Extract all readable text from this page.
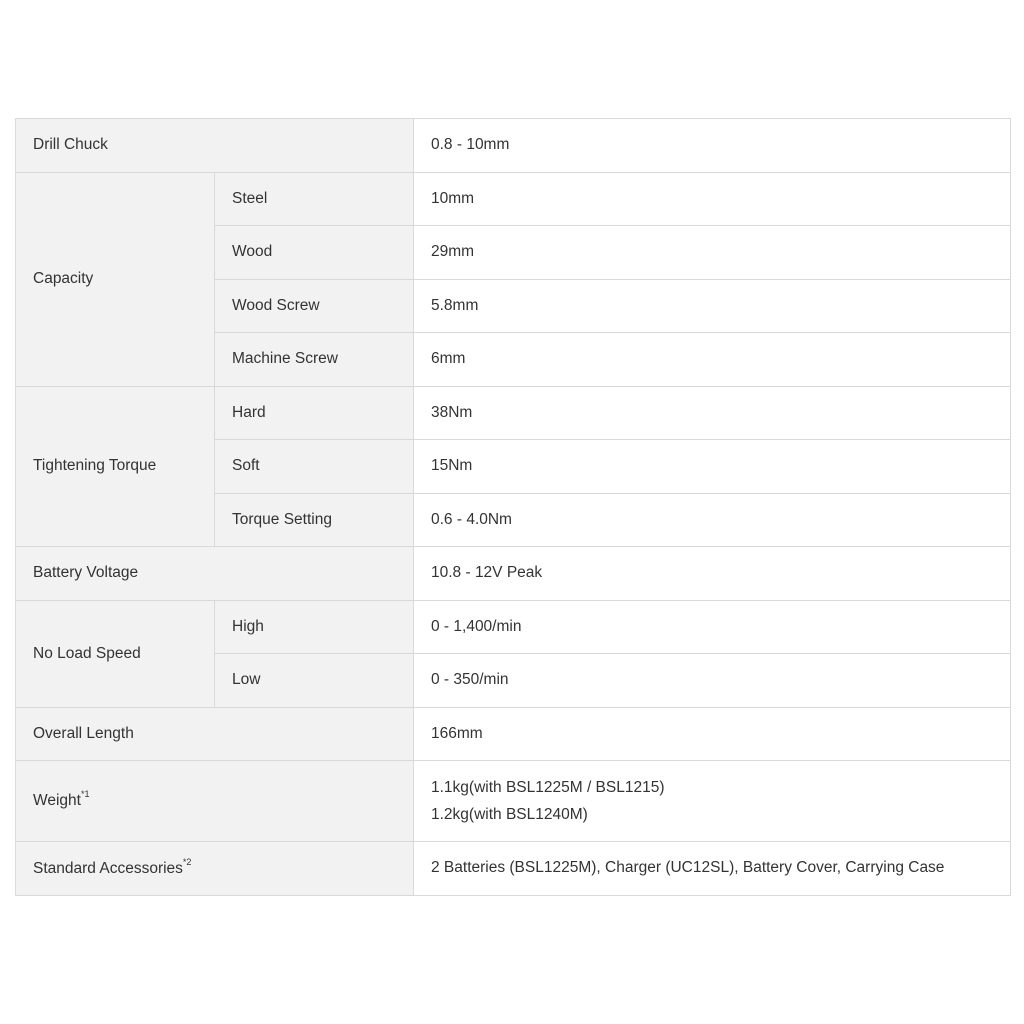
Drill Chuck		0.8 - 10mm
Capacity	Steel	10mm
	Wood	29mm
	Wood Screw	5.8mm
	Machine Screw	6mm
Tightening Torque	Hard	38Nm
	Soft	15Nm
	Torque Setting	0.6 - 4.0Nm
Battery Voltage		10.8 - 12V Peak
No Load Speed	High	0 - 1,400/min
	Low	0 - 350/min
Overall Length		166mm
Weight$^{*1}$		1.1kg(with BSL1225M / BSL1215)
1.2kg(with BSL1240M)

Standard Accessories$^{*2}$		2 Batteries (BSL1225M), Charger (UC12SL), Battery Cover, Carrying Case
